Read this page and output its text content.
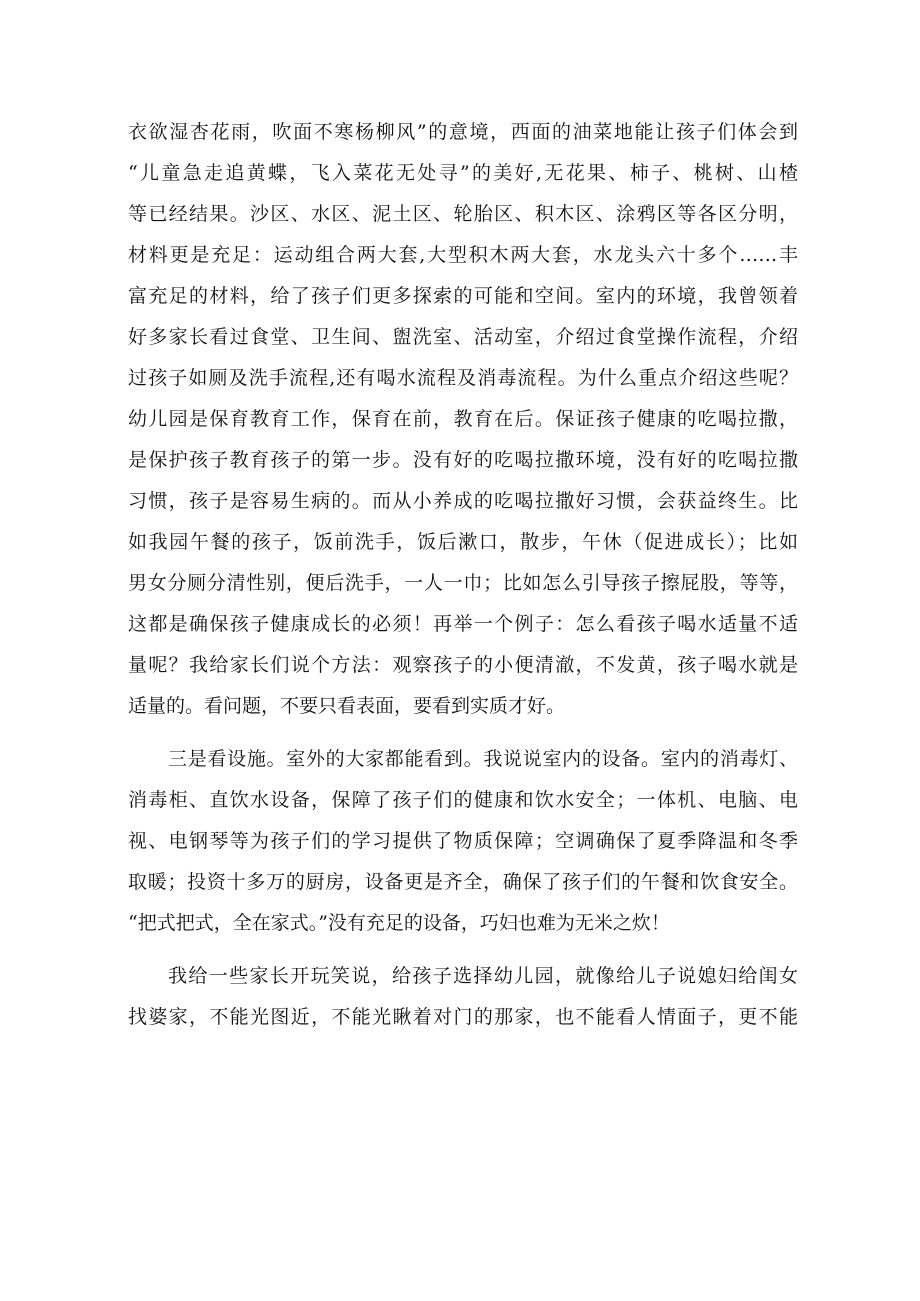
衣欲湿杏花雨，吹面不寒杨柳风”的意境，西面的油菜地能让孩子们体会到
“儿童急走追黄蝶，飞入菜花无处寻”的美好,无花果、柿子、桃树、山楂
等已经结果。沙区、水区、泥土区、轮胎区、积木区、涂鸦区等各区分明，
材料更是充足：运动组合两大套,大型积木两大套，水龙头六十多个……丰
富充足的材料，给了孩子们更多探索的可能和空间。室内的环境，我曾领着
好多家长看过食堂、卫生间、盥洗室、活动室，介绍过食堂操作流程，介绍
过孩子如厕及洗手流程,还有喝水流程及消毒流程。为什么重点介绍这些呢？
幼儿园是保育教育工作，保育在前，教育在后。保证孩子健康的吃喝拉撒，
是保护孩子教育孩子的第一步。没有好的吃喝拉撒环境，没有好的吃喝拉撒
习惯，孩子是容易生病的。而从小养成的吃喝拉撒好习惯，会获益终生。比
如我园午餐的孩子，饭前洗手，饭后漱口，散步，午休（促进成长）；比如
男女分厕分清性别，便后洗手，一人一巾；比如怎么引导孩子擦屁股，等等，
这都是确保孩子健康成长的必须！再举一个例子：怎么看孩子喝水适量不适
量呢？我给家长们说个方法：观察孩子的小便清澈，不发黄，孩子喝水就是
适量的。看问题，不要只看表面，要看到实质才好。
三是看设施。室外的大家都能看到。我说说室内的设备。室内的消毒灯、
消毒柜、直饮水设备，保障了孩子们的健康和饮水安全；一体机、电脑、电
视、电钢琴等为孩子们的学习提供了物质保障；空调确保了夏季降温和冬季
取暖；投资十多万的厨房，设备更是齐全，确保了孩子们的午餐和饮食安全。
“把式把式，全在家式。”没有充足的设备，巧妇也难为无米之炊！
我给一些家长开玩笑说，给孩子选择幼儿园，就像给儿子说媳妇给闺女
找婆家，不能光图近，不能光瞅着对门的那家，也不能看人情面子，更不能
